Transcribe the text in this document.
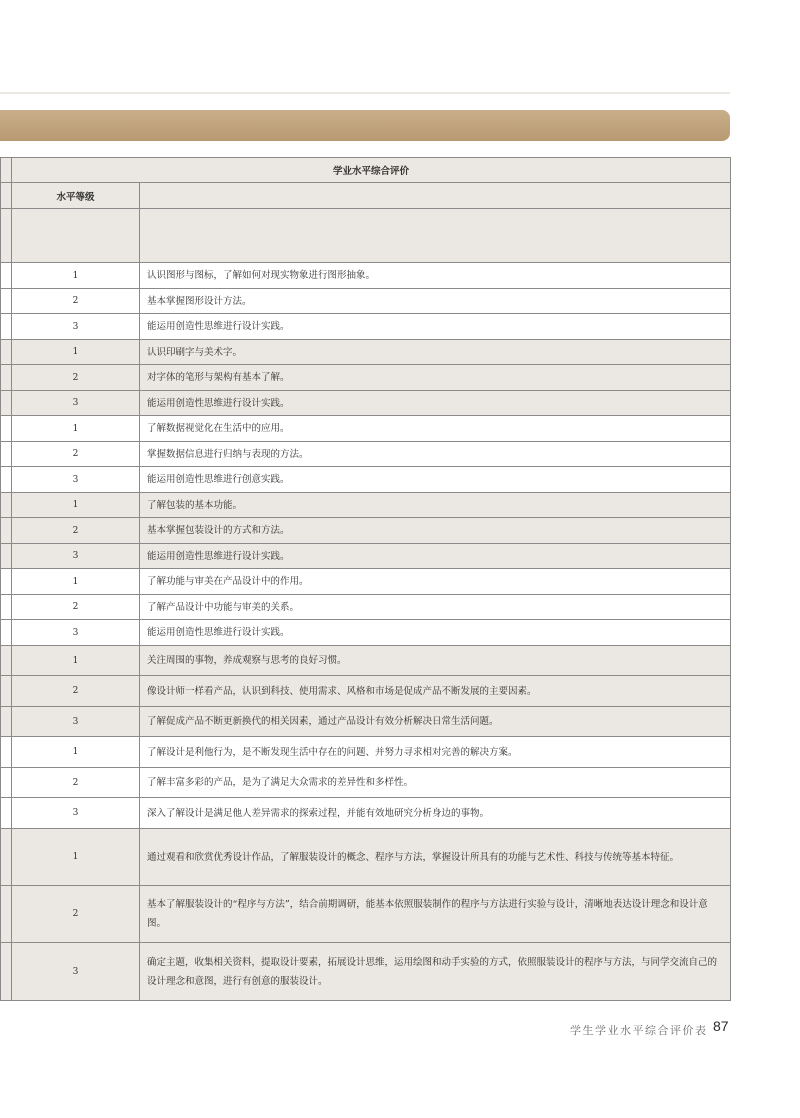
	学业水平综合评价	
	水平等级	

	1	认识图形与图标，了解如何对现实物象进行图形抽象。
	2	基本掌握图形设计方法。
	3	能运用创造性思维进行设计实践。
	1	认识印刷字与美术字。
	2	对字体的笔形与架构有基本了解。
	3	能运用创造性思维进行设计实践。
	1	了解数据视觉化在生活中的应用。
	2	掌握数据信息进行归纳与表现的方法。
	3	能运用创造性思维进行创意实践。
	1	了解包装的基本功能。
	2	基本掌握包装设计的方式和方法。
	3	能运用创造性思维进行设计实践。
	1	了解功能与审美在产品设计中的作用。
	2	了解产品设计中功能与审美的关系。
	3	能运用创造性思维进行设计实践。
	1	关注周围的事物，养成观察与思考的良好习惯。
	2	像设计师一样看产品，认识到科技、使用需求、风格和市场是促成产品不断发展的主要因素。
	3	了解促成产品不断更新换代的相关因素，通过产品设计有效分析解决日常生活问题。
	1	了解设计是利他行为，是不断发现生活中存在的问题、并努力寻求相对完善的解决方案。
	2	了解丰富多彩的产品，是为了满足大众需求的差异性和多样性。
	3	深入了解设计是满足他人差异需求的探索过程，并能有效地研究分析身边的事物。
	1	通过观看和欣赏优秀设计作品，了解服装设计的概念、程序与方法，掌握设计所具有的功能与艺术性、科技与传统等基本特征。
	2	基本了解服装设计的“程序与方法”，结合前期调研，能基本依照服装制作的程序与方法进行实验与设计，清晰地表达设计理念和设计意图。
	3	确定主题，收集相关资料，提取设计要素，拓展设计思维，运用绘图和动手实验的方式，依照服装设计的程序与方法，与同学交流自己的设计理念和意图，进行有创意的服装设计。
学生学业水平综合评价表 87
